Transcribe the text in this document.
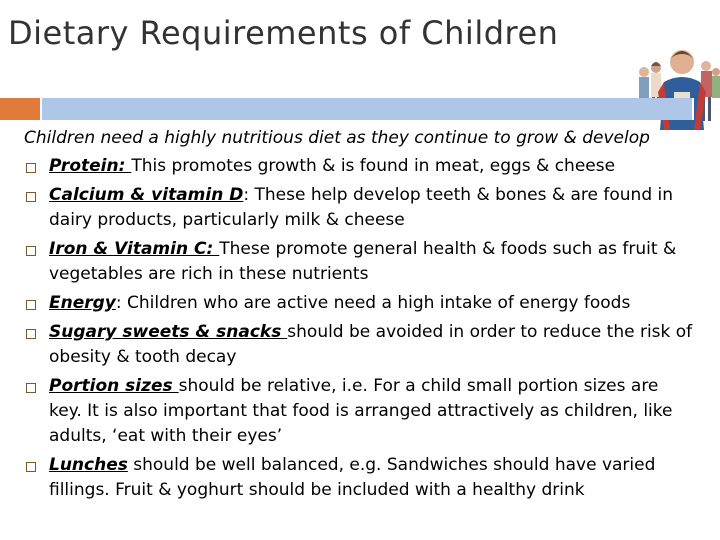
Dietary Requirements of Children

Children need a highly nutritious diet as they continue to grow & develop

Protein: This promotes growth & is found in meat, eggs & cheese
Calcium & vitamin D: These help develop teeth & bones & are found in dairy products, particularly milk & cheese
Iron & Vitamin C: These promote general health & foods such as fruit & vegetables are rich in these nutrients
Energy: Children who are active need a high intake of energy foods
Sugary sweets & snacks should be avoided in order to reduce the risk of obesity & tooth decay
Portion sizes should be relative, i.e. For a child small portion sizes are key. It is also important that food is arranged attractively as children, like adults, ‘eat with their eyes’
Lunches should be well balanced, e.g. Sandwiches should have varied fillings. Fruit & yoghurt should be included with a healthy drink
